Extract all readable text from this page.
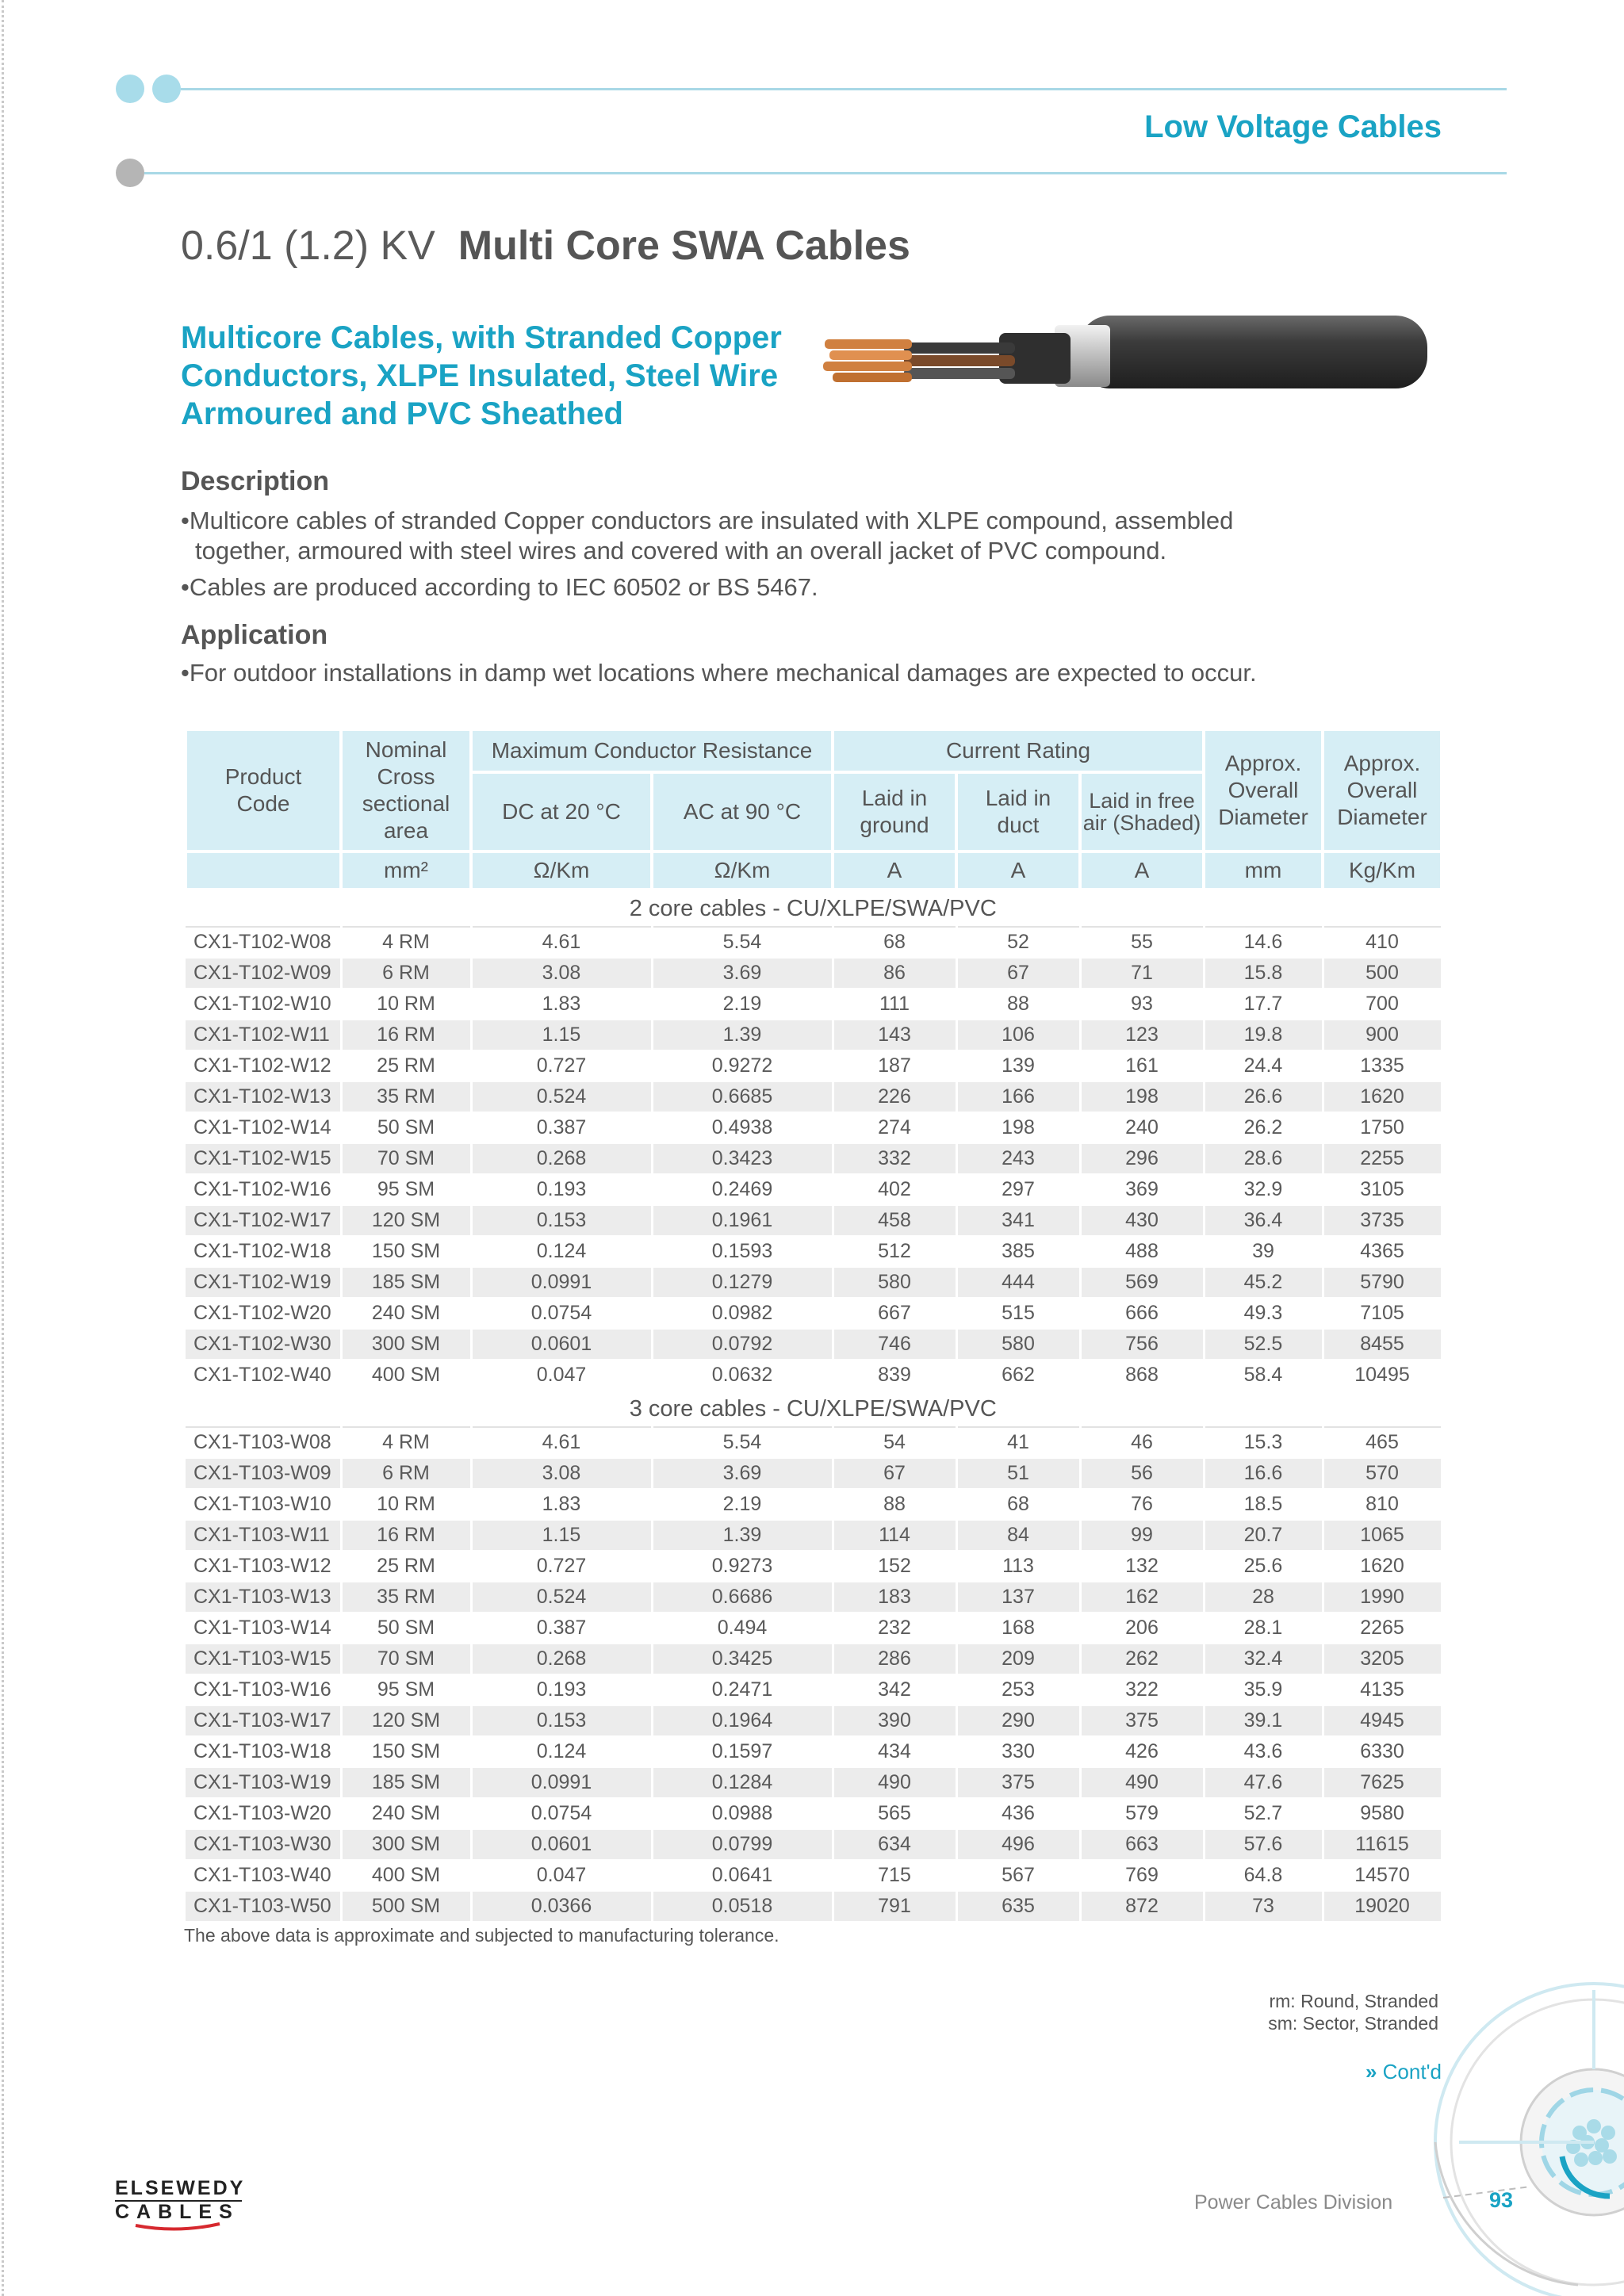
Low Voltage Cables
0.6/1 (1.2) KV Multi Core SWA Cables
Multicore Cables, with Stranded Copper
Conductors, XLPE Insulated, Steel Wire
Armoured and PVC Sheathed
Description
•Multicore cables of stranded Copper conductors are insulated with XLPE compound, assembled
together, armoured with steel wires and covered with an overall jacket of PVC compound.
•Cables are produced according to IEC 60502 or BS 5467.
Application
•For outdoor installations in damp wet locations where mechanical damages are expected to occur.
Product Code	Nominal Cross sectional area	Maximum Conductor Resistance		Current Rating			Approx. Overall Diameter	Approx. Overall Diameter
		DC at 20 °C	AC at 90 °C	Laid in ground	Laid in duct	Laid in free air (Shaded)		
	mm²	Ω/Km	Ω/Km	A	A	A	mm	Kg/Km
2 core cables - CU/XLPE/SWA/PVC								
CX1-T102-W08	4 RM	4.61	5.54	68	52	55	14.6	410
CX1-T102-W09	6 RM	3.08	3.69	86	67	71	15.8	500
CX1-T102-W10	10 RM	1.83	2.19	111	88	93	17.7	700
CX1-T102-W11	16 RM	1.15	1.39	143	106	123	19.8	900
CX1-T102-W12	25 RM	0.727	0.9272	187	139	161	24.4	1335
CX1-T102-W13	35 RM	0.524	0.6685	226	166	198	26.6	1620
CX1-T102-W14	50 SM	0.387	0.4938	274	198	240	26.2	1750
CX1-T102-W15	70 SM	0.268	0.3423	332	243	296	28.6	2255
CX1-T102-W16	95 SM	0.193	0.2469	402	297	369	32.9	3105
CX1-T102-W17	120 SM	0.153	0.1961	458	341	430	36.4	3735
CX1-T102-W18	150 SM	0.124	0.1593	512	385	488	39	4365
CX1-T102-W19	185 SM	0.0991	0.1279	580	444	569	45.2	5790
CX1-T102-W20	240 SM	0.0754	0.0982	667	515	666	49.3	7105
CX1-T102-W30	300 SM	0.0601	0.0792	746	580	756	52.5	8455
CX1-T102-W40	400 SM	0.047	0.0632	839	662	868	58.4	10495
3 core cables - CU/XLPE/SWA/PVC								
CX1-T103-W08	4 RM	4.61	5.54	54	41	46	15.3	465
CX1-T103-W09	6 RM	3.08	3.69	67	51	56	16.6	570
CX1-T103-W10	10 RM	1.83	2.19	88	68	76	18.5	810
CX1-T103-W11	16 RM	1.15	1.39	114	84	99	20.7	1065
CX1-T103-W12	25 RM	0.727	0.9273	152	113	132	25.6	1620
CX1-T103-W13	35 RM	0.524	0.6686	183	137	162	28	1990
CX1-T103-W14	50 SM	0.387	0.494	232	168	206	28.1	2265
CX1-T103-W15	70 SM	0.268	0.3425	286	209	262	32.4	3205
CX1-T103-W16	95 SM	0.193	0.2471	342	253	322	35.9	4135
CX1-T103-W17	120 SM	0.153	0.1964	390	290	375	39.1	4945
CX1-T103-W18	150 SM	0.124	0.1597	434	330	426	43.6	6330
CX1-T103-W19	185 SM	0.0991	0.1284	490	375	490	47.6	7625
CX1-T103-W20	240 SM	0.0754	0.0988	565	436	579	52.7	9580
CX1-T103-W30	300 SM	0.0601	0.0799	634	496	663	57.6	11615
CX1-T103-W40	400 SM	0.047	0.0641	715	567	769	64.8	14570
CX1-T103-W50	500 SM	0.0366	0.0518	791	635	872	73	19020
The above data is approximate and subjected to manufacturing tolerance.
rm: Round, Stranded
sm: Sector, Stranded
» Cont'd
ELSEWEDY
CABLES	Power Cables Division	93
